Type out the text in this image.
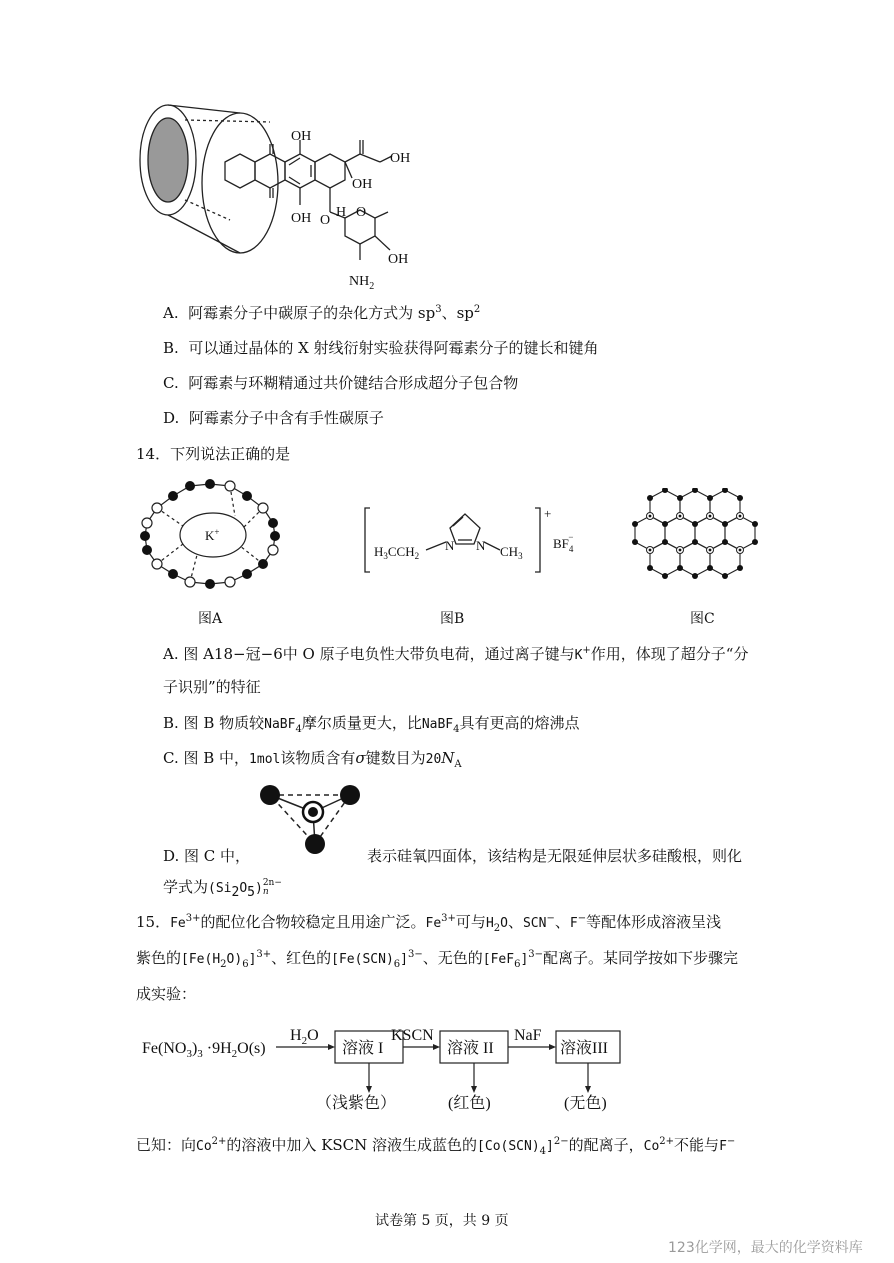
OH
OH
OH
OH
OH
H
O
O
$NH_2$
A. 阿霉素分子中碳原子的杂化方式为 $sp^3$、$sp^2$
B. 可以通过晶体的 X 射线衍射实验获得阿霉素分子的键长和键角
C. 阿霉素与环糊精通过共价键结合形成超分子包合物
D. 阿霉素分子中含有手性碳原子
14．下列说法正确的是
K+
图A
$H_3CCH_2$
N N $CH_3$
+
$BF_4-$
图B	图C
A. 图 A18−冠−6中 O 原子电负性大带负电荷，通过离子键与K+作用，体现了超分子“分
子识别”的特征
B. 图 B 物质较NaBF$_4$摩尔质量更大，比NaBF$_4$具有更高的熔沸点
C. 图 B 中，1mol该物质含有σ键数目为$20N_A$
D. 图 C 中，	表示硅氧四面体，该结构是无限延伸层状多硅酸根，则化
学式为(Si2O5) 2n−
n
15．$Fe^{3+}$的配位化合物较稳定且用途广泛。$Fe^{3+}$可与$H_2O$、SCN−、F−等配体形成溶液呈浅
紫色的$[Fe(H_2O)_6]^{3+}$、红色的$[Fe(SCN)_6]^{3-}$、无色的$[FeF_6]^{3-}$配离子。某同学按如下步骤完
成实验：
$Fe(NO_3)_3 \cdot 9H_2O(s)$
$H_2O$
溶液 I
KSCN
溶液 II
NaF
溶液III
（浅紫色）	(红色)	(无色)
已知：向$Co^{2+}$的溶液中加入 KSCN 溶液生成蓝色的$[Co(SCN)_4]^{2-}$的配离子，$Co^{2+}$不能与F−
试卷第 5 页，共 9 页
123化学网，最大的化学资料库
